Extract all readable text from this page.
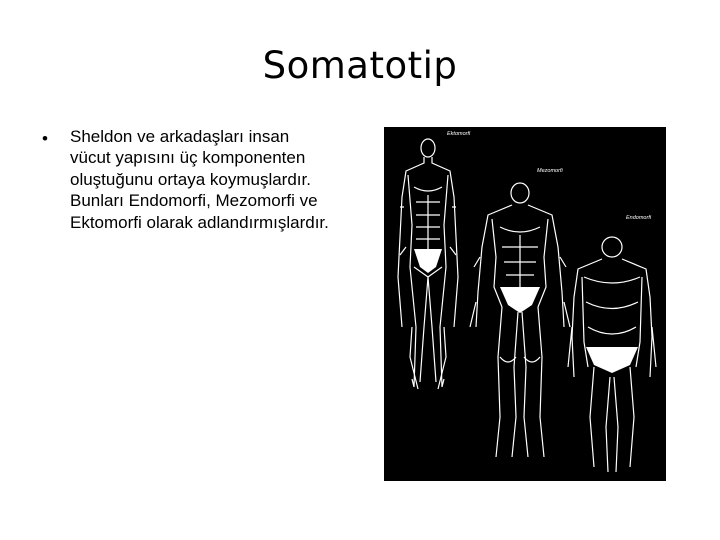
Somatotip
• Sheldon ve arkadaşları insan
vücut yapısını üç komponenten
oluştuğunu ortaya koymuşlardır.
Bunları Endomorfi, Mezomorfi ve
Ektomorfi olarak adlandırmışlardır.
Ektomorfi
Mezomorfi
Endomorfi
